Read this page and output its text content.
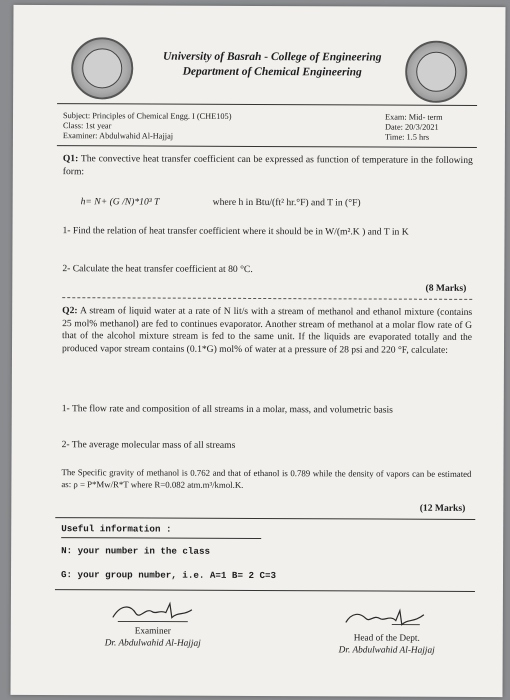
University of Basrah - College of Engineering
Department of Chemical Engineering
Subject: Principles of Chemical Engg. I (CHE105)
Class: 1st year
Examiner: Abdulwahid Al-Hajjaj
Exam: Mid- term
Date: 20/3/2021
Time: 1.5 hrs
Q1: The convective heat transfer coefficient can be expressed as function of temperature in the following form:
h= N+ (G /N)*10³ T	where h in Btu/(ft² hr.°F) and T in (°F)
1- Find the relation of heat transfer coefficient where it should be in W/(m².K ) and T in K
2- Calculate the heat transfer coefficient at 80 °C.
(8 Marks)
Q2: A stream of liquid water at a rate of N lit/s with a stream of methanol and ethanol mixture (contains 25 mol% methanol) are fed to continues evaporator. Another stream of methanol at a molar flow rate of G that of the alcohol mixture stream is fed to the same unit. If the liquids are evaporated totally and the produced vapor stream contains (0.1*G) mol% of water at a pressure of 28 psi and 220 °F, calculate:
1- The flow rate and composition of all streams in a molar, mass, and volumetric basis
2- The average molecular mass of all streams
The Specific gravity of methanol is 0.762 and that of ethanol is 0.789 while the density of vapors can be estimated as: ρ = P*Mw/R*T where R=0.082 atm.m³/kmol.K.
(12 Marks)
Useful information :
N: your number in the class
G: your group number, i.e. A=1 B= 2 C=3
Examiner
Dr. Abdulwahid Al-Hajjaj	Head of the Dept.
Dr. Abdulwahid Al-Hajjaj
